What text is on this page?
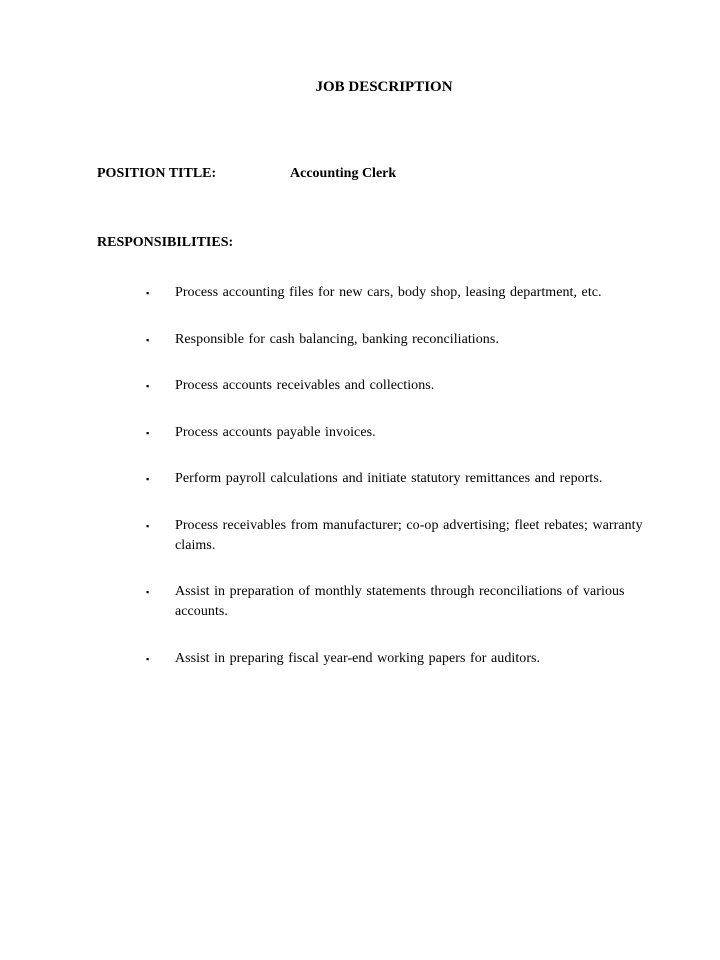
JOB DESCRIPTION
POSITION TITLE:	Accounting Clerk
RESPONSIBILITIES:
▪	Process accounting files for new cars, body shop, leasing department, etc.
▪	Responsible for cash balancing, banking reconciliations.
▪	Process accounts receivables and collections.
▪	Process accounts payable invoices.
▪	Perform payroll calculations and initiate statutory remittances and reports.
▪	Process receivables from manufacturer; co-op advertising; fleet rebates; warranty claims.
▪	Assist in preparation of monthly statements through reconciliations of various accounts.
▪	Assist in preparing fiscal year-end working papers for auditors.
